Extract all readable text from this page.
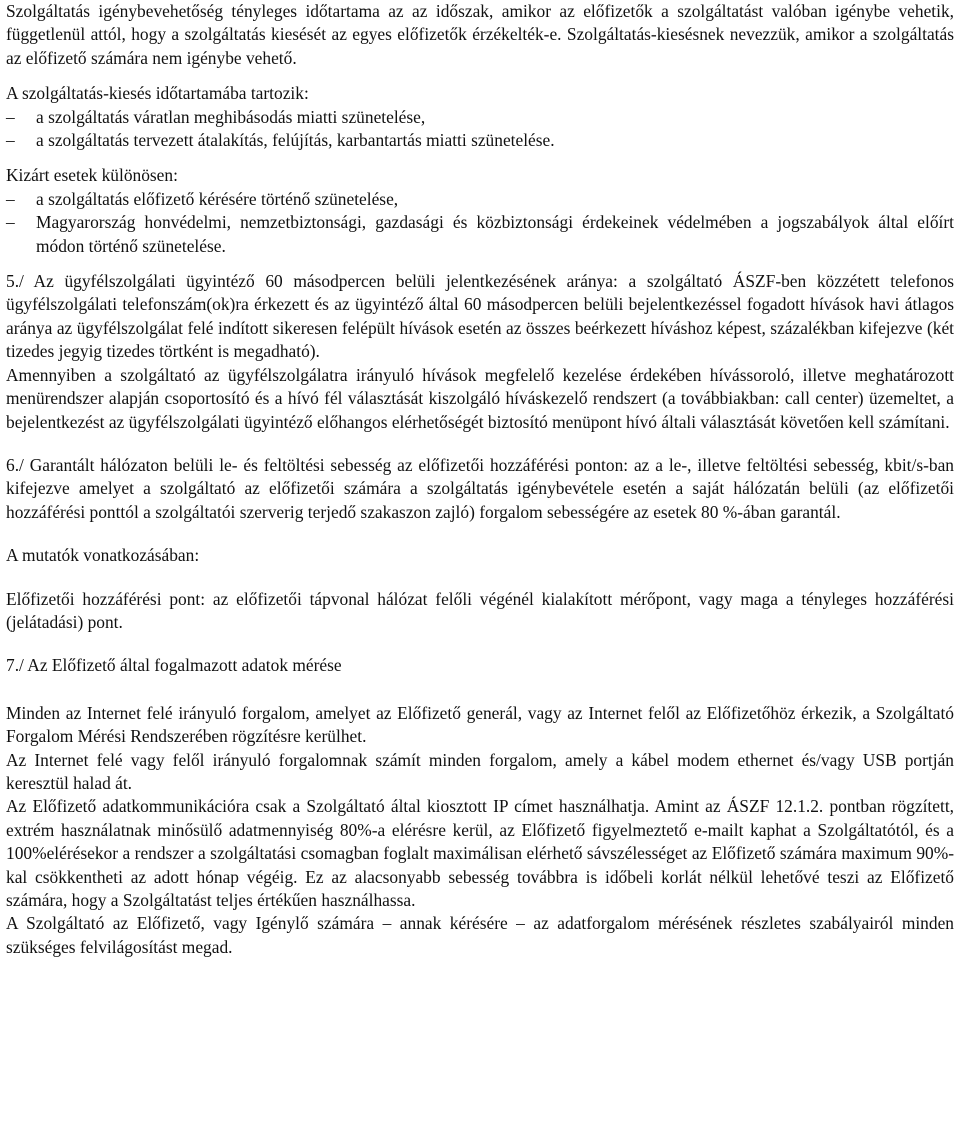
Szolgáltatás igénybevehetőség tényleges időtartama az az időszak, amikor az előfizetők a szolgáltatást valóban igénybe vehetik, függetlenül attól, hogy a szolgáltatás kiesését az egyes előfizetők érzékelték-e. Szolgáltatás-kiesésnek nevezzük, amikor a szolgáltatás az előfizető számára nem igénybe vehető.

A szolgáltatás-kiesés időtartamába tartozik:

–	a szolgáltatás váratlan meghibásodás miatti szünetelése,
–	a szolgáltatás tervezett átalakítás, felújítás, karbantartás miatti szünetelése.

Kizárt esetek különösen:

–	a szolgáltatás előfizető kérésére történő szünetelése,
–	Magyarország honvédelmi, nemzetbiztonsági, gazdasági és közbiztonsági érdekeinek védelmében a jogszabályok által előírt módon történő szünetelése.

5./ Az ügyfélszolgálati ügyintéző 60 másodpercen belüli jelentkezésének aránya: a szolgáltató ÁSZF-ben közzétett telefonos ügyfélszolgálati telefonszám(ok)ra érkezett és az ügyintéző által 60 másodpercen belüli bejelentkezéssel fogadott hívások havi átlagos aránya az ügyfélszolgálat felé indított sikeresen felépült hívások esetén az összes beérkezett híváshoz képest, százalékban kifejezve (két tizedes jegyig tizedes törtként is megadható).

Amennyiben a szolgáltató az ügyfélszolgálatra irányuló hívások megfelelő kezelése érdekében hívássoroló, illetve meghatározott menürendszer alapján csoportosító és a hívó fél választását kiszolgáló híváskezelő rendszert (a továbbiakban: call center) üzemeltet, a bejelentkezést az ügyfélszolgálati ügyintéző előhangos elérhetőségét biztosító menüpont hívó általi választását követően kell számítani.

6./ Garantált hálózaton belüli le- és feltöltési sebesség az előfizetői hozzáférési ponton: az a le-, illetve feltöltési sebesség, kbit/s-ban kifejezve amelyet a szolgáltató az előfizetői számára a szolgáltatás igénybevétele esetén a saját hálózatán belüli (az előfizetői hozzáférési ponttól a szolgáltatói szerverig terjedő szakaszon zajló) forgalom sebességére az esetek 80 %-ában garantál.

A mutatók vonatkozásában:

Előfizetői hozzáférési pont: az előfizetői tápvonal hálózat felőli végénél kialakított mérőpont, vagy maga a tényleges hozzáférési (jelátadási) pont.

7./ Az Előfizető által fogalmazott adatok mérése

Minden az Internet felé irányuló forgalom, amelyet az Előfizető generál, vagy az Internet felől az Előfizetőhöz érkezik, a Szolgáltató Forgalom Mérési Rendszerében rögzítésre kerülhet.

Az Internet felé vagy felől irányuló forgalomnak számít minden forgalom, amely a kábel modem ethernet és/vagy USB portján keresztül halad át.

Az Előfizető adatkommunikációra csak a Szolgáltató által kiosztott IP címet használhatja. Amint az ÁSZF 12.1.2. pontban rögzített, extrém használatnak minősülő adatmennyiség 80%-a elérésre kerül, az Előfizető figyelmeztető e-mailt kaphat a Szolgáltatótól, és a 100%elérésekor a rendszer a szolgáltatási csomagban foglalt maximálisan elérhető sávszélességet az Előfizető számára maximum 90%- kal csökkentheti az adott hónap végéig. Ez az alacsonyabb sebesség továbbra is időbeli korlát nélkül lehetővé teszi az Előfizető számára, hogy a Szolgáltatást teljes értékűen használhassa.

A Szolgáltató az Előfizető, vagy Igénylő számára – annak kérésére – az adatforgalom mérésének részletes szabályairól minden szükséges felvilágosítást megad.
